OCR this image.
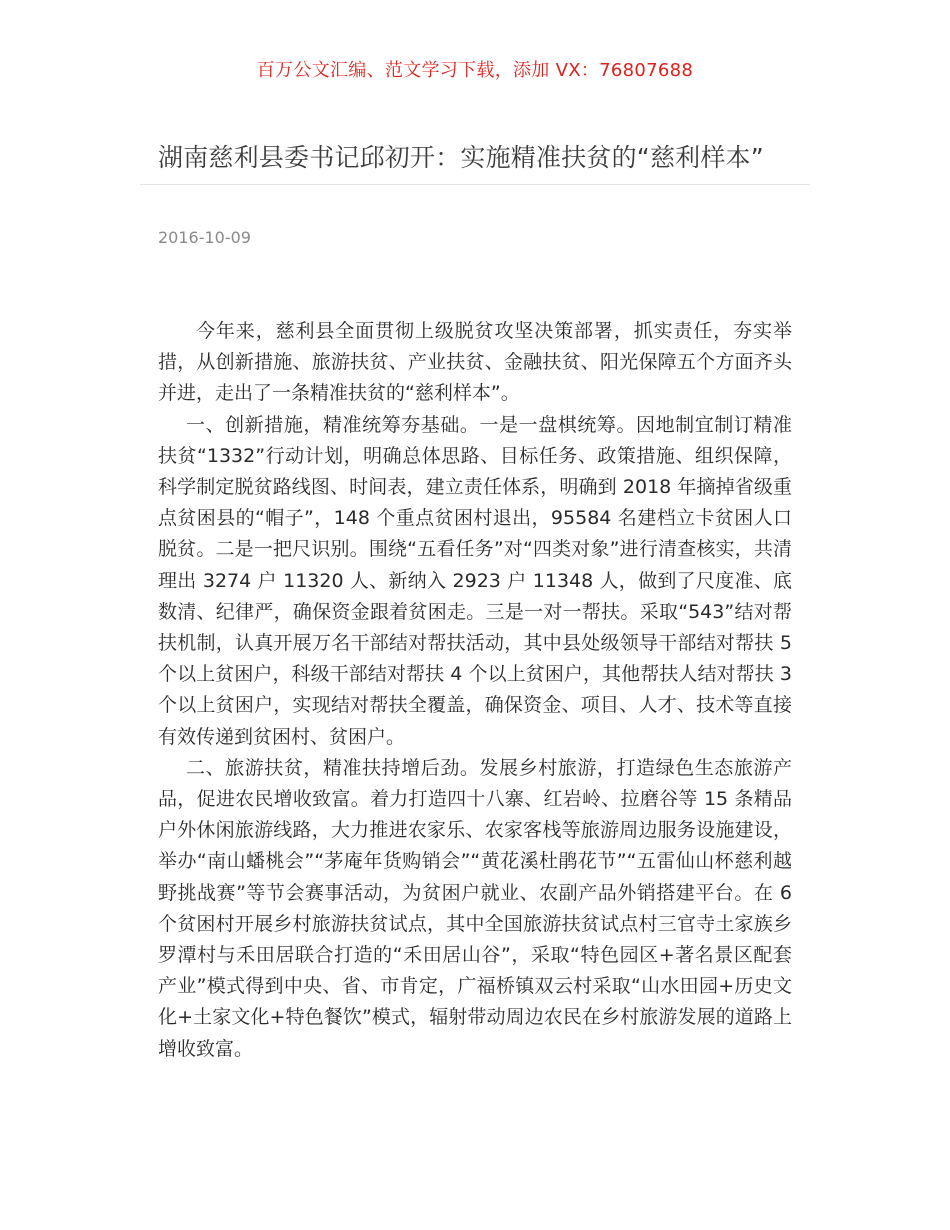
百万公文汇编、范文学习下载，添加 VX：76807688
湖南慈利县委书记邱初开：实施精准扶贫的“慈利样本”
2016-10-09

今年来，慈利县全面贯彻上级脱贫攻坚决策部署，抓实责任，夯实举措，从创新措施、旅游扶贫、产业扶贫、金融扶贫、阳光保障五个方面齐头并进，走出了一条精准扶贫的“慈利样本”。

一、创新措施，精准统筹夯基础。一是一盘棋统筹。因地制宜制订精准扶贫“1332”行动计划，明确总体思路、目标任务、政策措施、组织保障，科学制定脱贫路线图、时间表，建立责任体系，明确到 2018 年摘掉省级重点贫困县的“帽子”，148 个重点贫困村退出，95584 名建档立卡贫困人口脱贫。二是一把尺识别。围绕“五看任务”对“四类对象”进行清查核实，共清理出 3274 户 11320 人、新纳入 2923 户 11348 人，做到了尺度准、底数清、纪律严，确保资金跟着贫困走。三是一对一帮扶。采取“543”结对帮扶机制，认真开展万名干部结对帮扶活动，其中县处级领导干部结对帮扶 5 个以上贫困户，科级干部结对帮扶 4 个以上贫困户，其他帮扶人结对帮扶 3 个以上贫困户，实现结对帮扶全覆盖，确保资金、项目、人才、技术等直接有效传递到贫困村、贫困户。

二、旅游扶贫，精准扶持增后劲。发展乡村旅游，打造绿色生态旅游产品，促进农民增收致富。着力打造四十八寨、红岩岭、拉磨谷等 15 条精品户外休闲旅游线路，大力推进农家乐、农家客栈等旅游周边服务设施建设，举办“南山蟠桃会”“茅庵年货购销会”“黄花溪杜鹃花节”“五雷仙山杯慈利越野挑战赛”等节会赛事活动，为贫困户就业、农副产品外销搭建平台。在 6 个贫困村开展乡村旅游扶贫试点，其中全国旅游扶贫试点村三官寺土家族乡罗潭村与禾田居联合打造的“禾田居山谷”，采取“特色园区+著名景区配套产业”模式得到中央、省、市肯定，广福桥镇双云村采取“山水田园+历史文化+土家文化+特色餐饮”模式，辐射带动周边农民在乡村旅游发展的道路上增收致富。
